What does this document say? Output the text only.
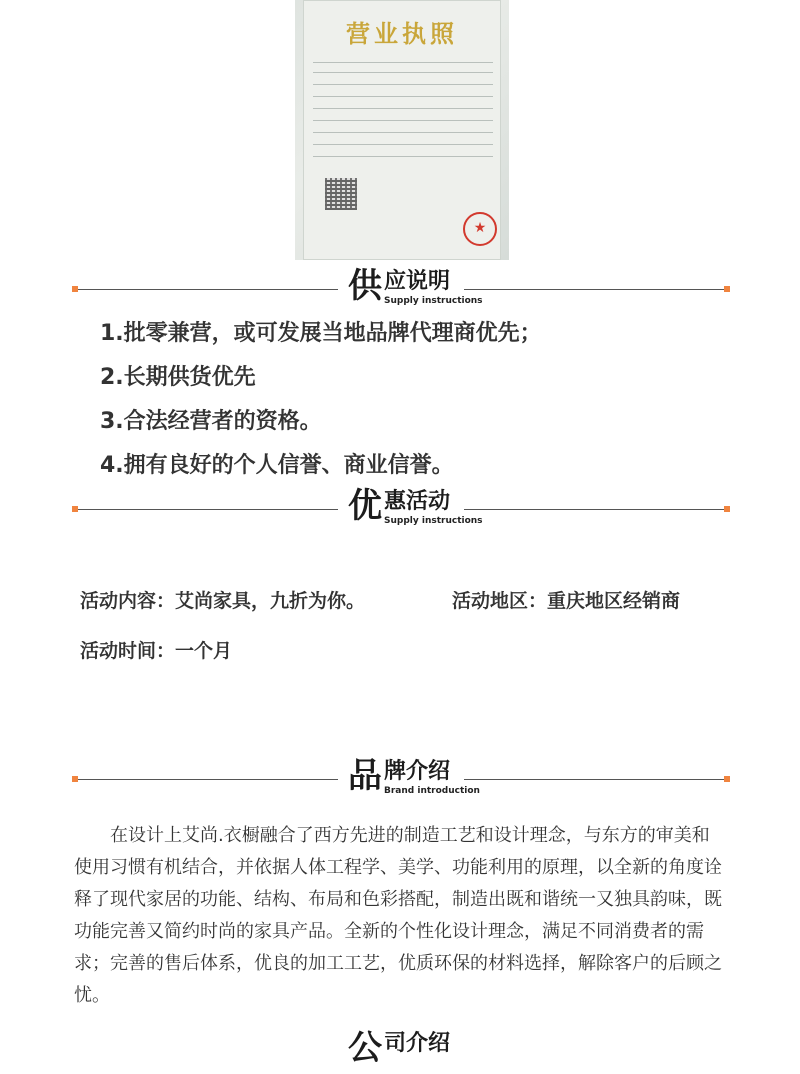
营业执照
★
供 应说明
Supply instructions
1.批零兼营，或可发展当地品牌代理商优先；
2.长期供货优先
3.合法经营者的资格。
4.拥有良好的个人信誉、商业信誉。
优 惠活动
Supply instructions
活动内容：艾尚家具，九折为你。	活动地区：重庆地区经销商
活动时间：一个月
品 牌介绍
Brand introduction

在设计上艾尚.衣橱融合了西方先进的制造工艺和设计理念，与东方的审美和使用习惯有机结合，并依据人体工程学、美学、功能利用的原理，以全新的角度诠释了现代家居的功能、结构、布局和色彩搭配，制造出既和谐统一又独具韵味，既功能完善又简约时尚的家具产品。全新的个性化设计理念，满足不同消费者的需求；完善的售后体系，优良的加工工艺，优质环保的材料选择，解除客户的后顾之忧。

公 司介绍
